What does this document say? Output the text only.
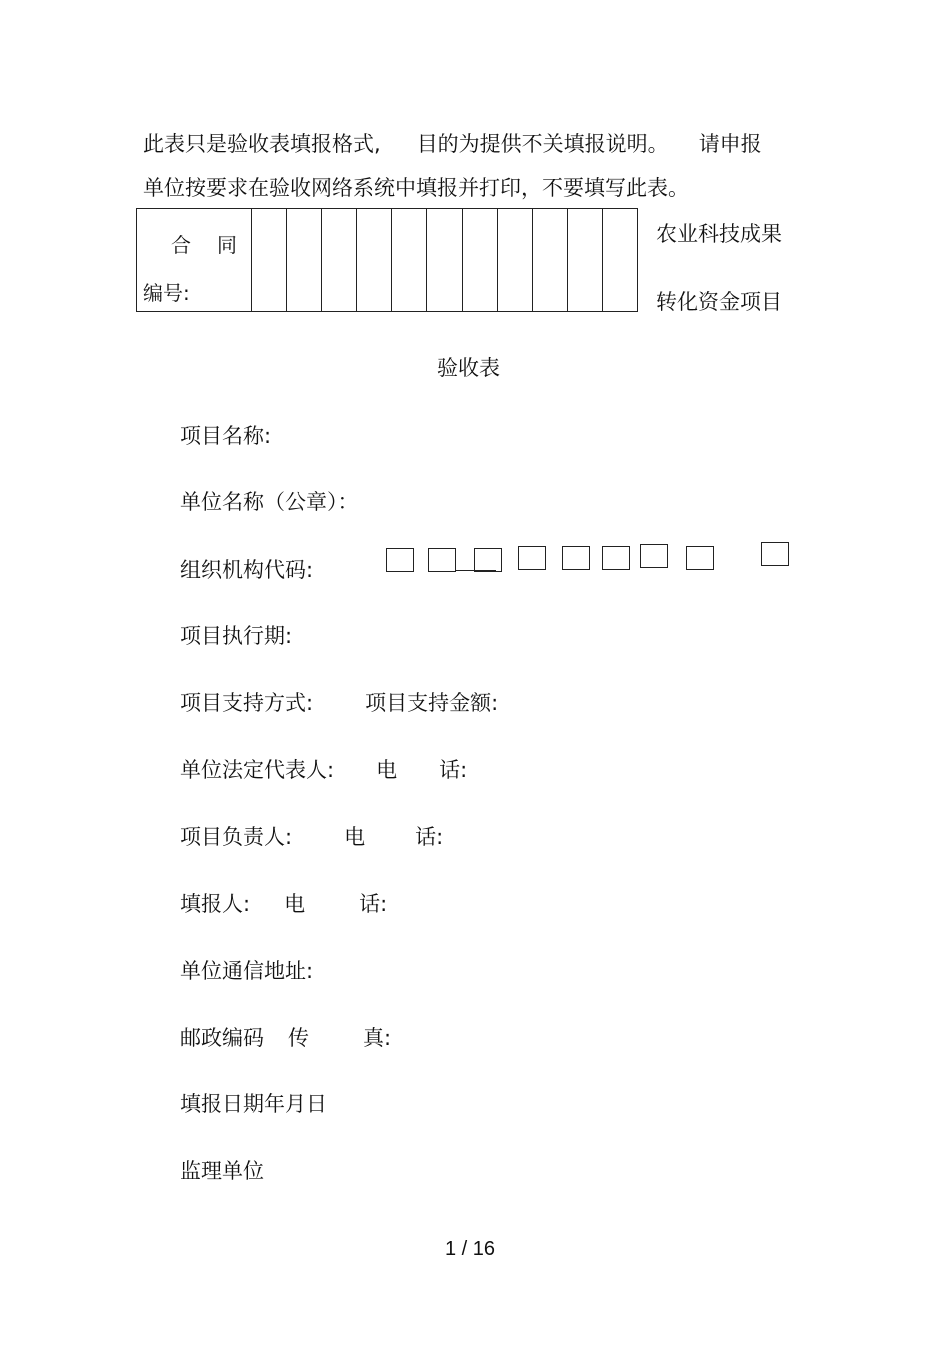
此表只是验收表填报格式, 目的为提供不关填报说明。 请申报
单位按要求在验收网络系统中填报并打印，不要填写此表。
合 同
编号:
农业科技成果
转化资金项目
验收表
项目名称:
单位名称（公章）：
组织机构代码:
项目执行期:
项目支持方式: 项目支持金额:
单位法定代表人: 电 话:
项目负责人: 电 话:
填报人: 电	话:
单位通信地址:
邮政编码 传	真:
填报日期年月日
监理单位
1 / 16
